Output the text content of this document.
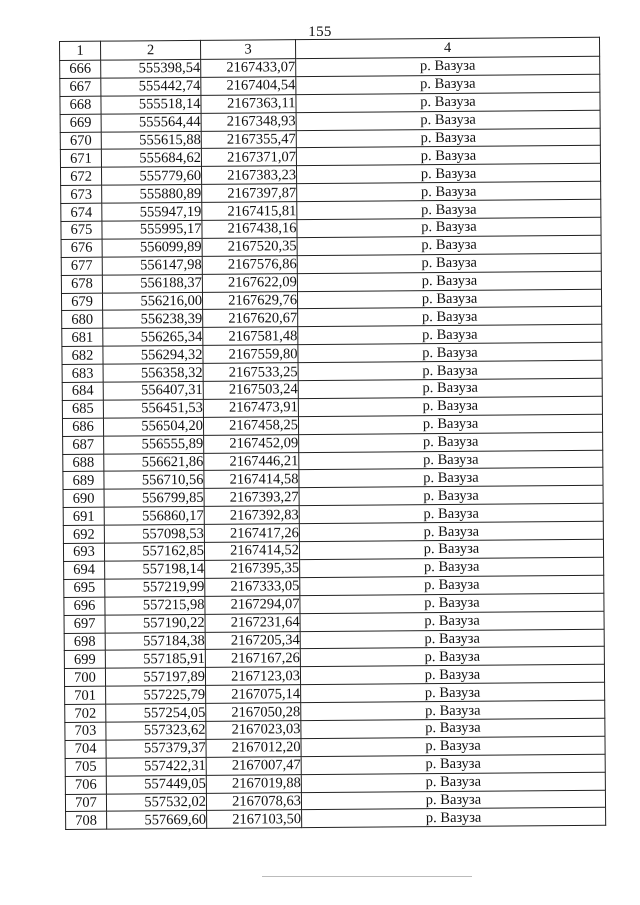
155
1	2	3	4
666	555398,54	2167433,07	р. Вазуза
667	555442,74	2167404,54	р. Вазуза
668	555518,14	2167363,11	р. Вазуза
669	555564,44	2167348,93	р. Вазуза
670	555615,88	2167355,47	р. Вазуза
671	555684,62	2167371,07	р. Вазуза
672	555779,60	2167383,23	р. Вазуза
673	555880,89	2167397,87	р. Вазуза
674	555947,19	2167415,81	р. Вазуза
675	555995,17	2167438,16	р. Вазуза
676	556099,89	2167520,35	р. Вазуза
677	556147,98	2167576,86	р. Вазуза
678	556188,37	2167622,09	р. Вазуза
679	556216,00	2167629,76	р. Вазуза
680	556238,39	2167620,67	р. Вазуза
681	556265,34	2167581,48	р. Вазуза
682	556294,32	2167559,80	р. Вазуза
683	556358,32	2167533,25	р. Вазуза
684	556407,31	2167503,24	р. Вазуза
685	556451,53	2167473,91	р. Вазуза
686	556504,20	2167458,25	р. Вазуза
687	556555,89	2167452,09	р. Вазуза
688	556621,86	2167446,21	р. Вазуза
689	556710,56	2167414,58	р. Вазуза
690	556799,85	2167393,27	р. Вазуза
691	556860,17	2167392,83	р. Вазуза
692	557098,53	2167417,26	р. Вазуза
693	557162,85	2167414,52	р. Вазуза
694	557198,14	2167395,35	р. Вазуза
695	557219,99	2167333,05	р. Вазуза
696	557215,98	2167294,07	р. Вазуза
697	557190,22	2167231,64	р. Вазуза
698	557184,38	2167205,34	р. Вазуза
699	557185,91	2167167,26	р. Вазуза
700	557197,89	2167123,03	р. Вазуза
701	557225,79	2167075,14	р. Вазуза
702	557254,05	2167050,28	р. Вазуза
703	557323,62	2167023,03	р. Вазуза
704	557379,37	2167012,20	р. Вазуза
705	557422,31	2167007,47	р. Вазуза
706	557449,05	2167019,88	р. Вазуза
707	557532,02	2167078,63	р. Вазуза
708	557669,60	2167103,50	р. Вазуза
